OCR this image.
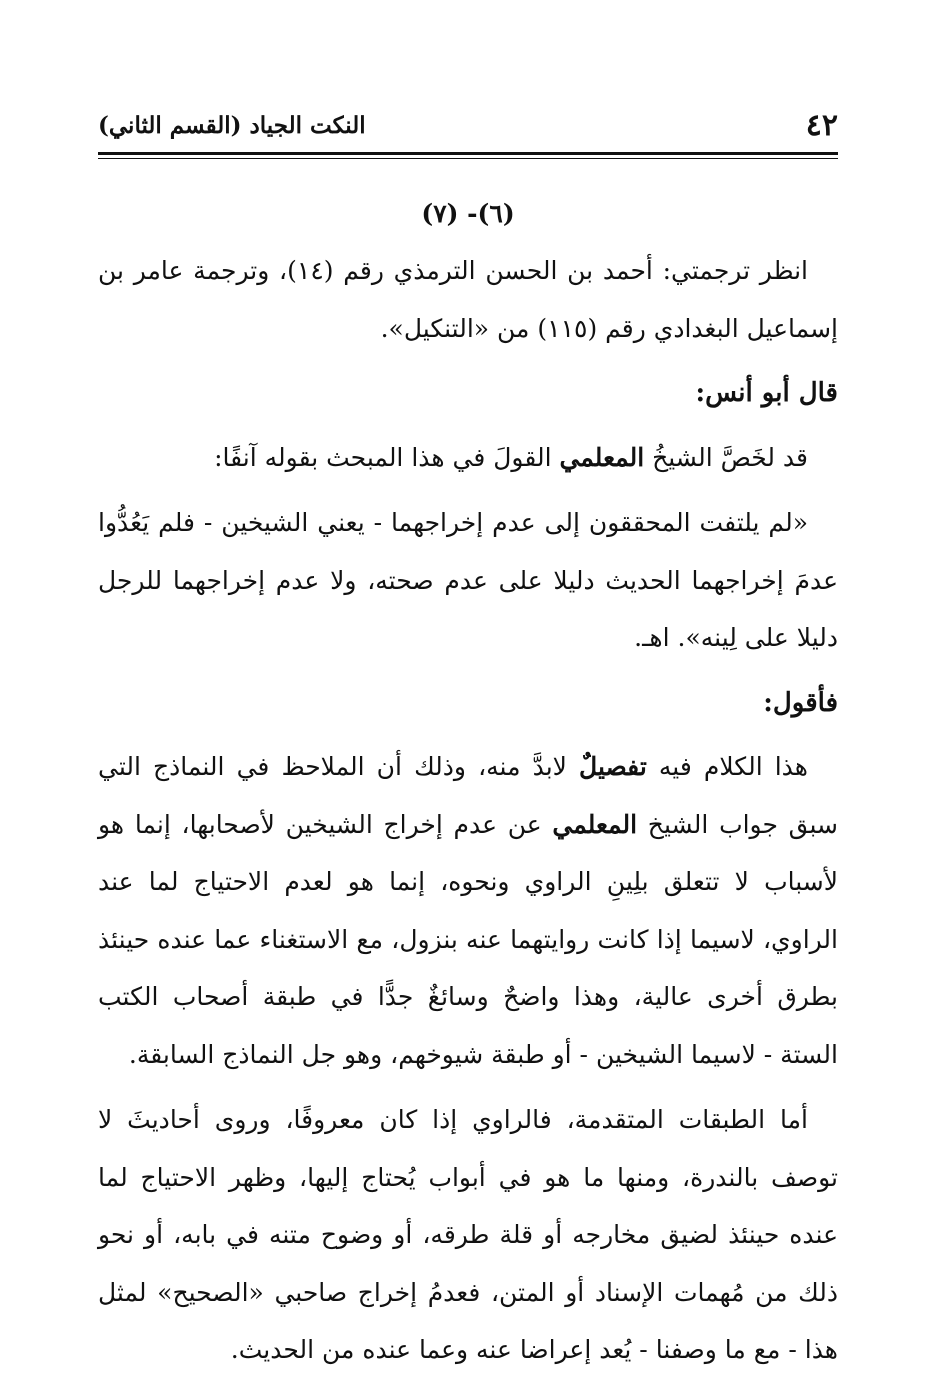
٤٢
النكت الجياد (القسم الثاني)
(٦)- (٧)

انظر ترجمتي: أحمد بن الحسن الترمذي رقم (١٤)، وترجمة عامر بن إسماعيل البغدادي رقم (١١٥) من «التنكيل».

قال أبو أنس:

قد لخَصَّ الشيخُ المعلمي القولَ في هذا المبحث بقوله آنفًا:

«لم يلتفت المحققون إلى عدم إخراجهما - يعني الشيخين - فلم يَعُدُّوا عدمَ إخراجهما الحديث دليلا على عدم صحته، ولا عدم إخراجهما للرجل دليلا على لِينه». اهـ.

فأقول:

هذا الكلام فيه تفصيلٌ لابدَّ منه، وذلك أن الملاحظ في النماذج التي سبق جواب الشيخ المعلمي عن عدم إخراج الشيخين لأصحابها، إنما هو لأسباب لا تتعلق بلِينِ الراوي ونحوه، إنما هو لعدم الاحتياج لما عند الراوي، لاسيما إذا كانت روايتهما عنه بنزول، مع الاستغناء عما عنده حينئذ بطرق أخرى عالية، وهذا واضحٌ وسائغٌ جدًّا في طبقة أصحاب الكتب الستة - لاسيما الشيخين - أو طبقة شيوخهم، وهو جل النماذج السابقة.

أما الطبقات المتقدمة، فالراوي إذا كان معروفًا، وروى أحاديثَ لا توصف بالندرة، ومنها ما هو في أبواب يُحتاج إليها، وظهر الاحتياج لما عنده حينئذ لضيق مخارجه أو قلة طرقه، أو وضوح متنه في بابه، أو نحو ذلك من مُهمات الإسناد أو المتن، فعدمُ إخراج صاحبي «الصحيح» لمثل هذا - مع ما وصفنا - يُعد إعراضا عنه وعما عنده من الحديث.
